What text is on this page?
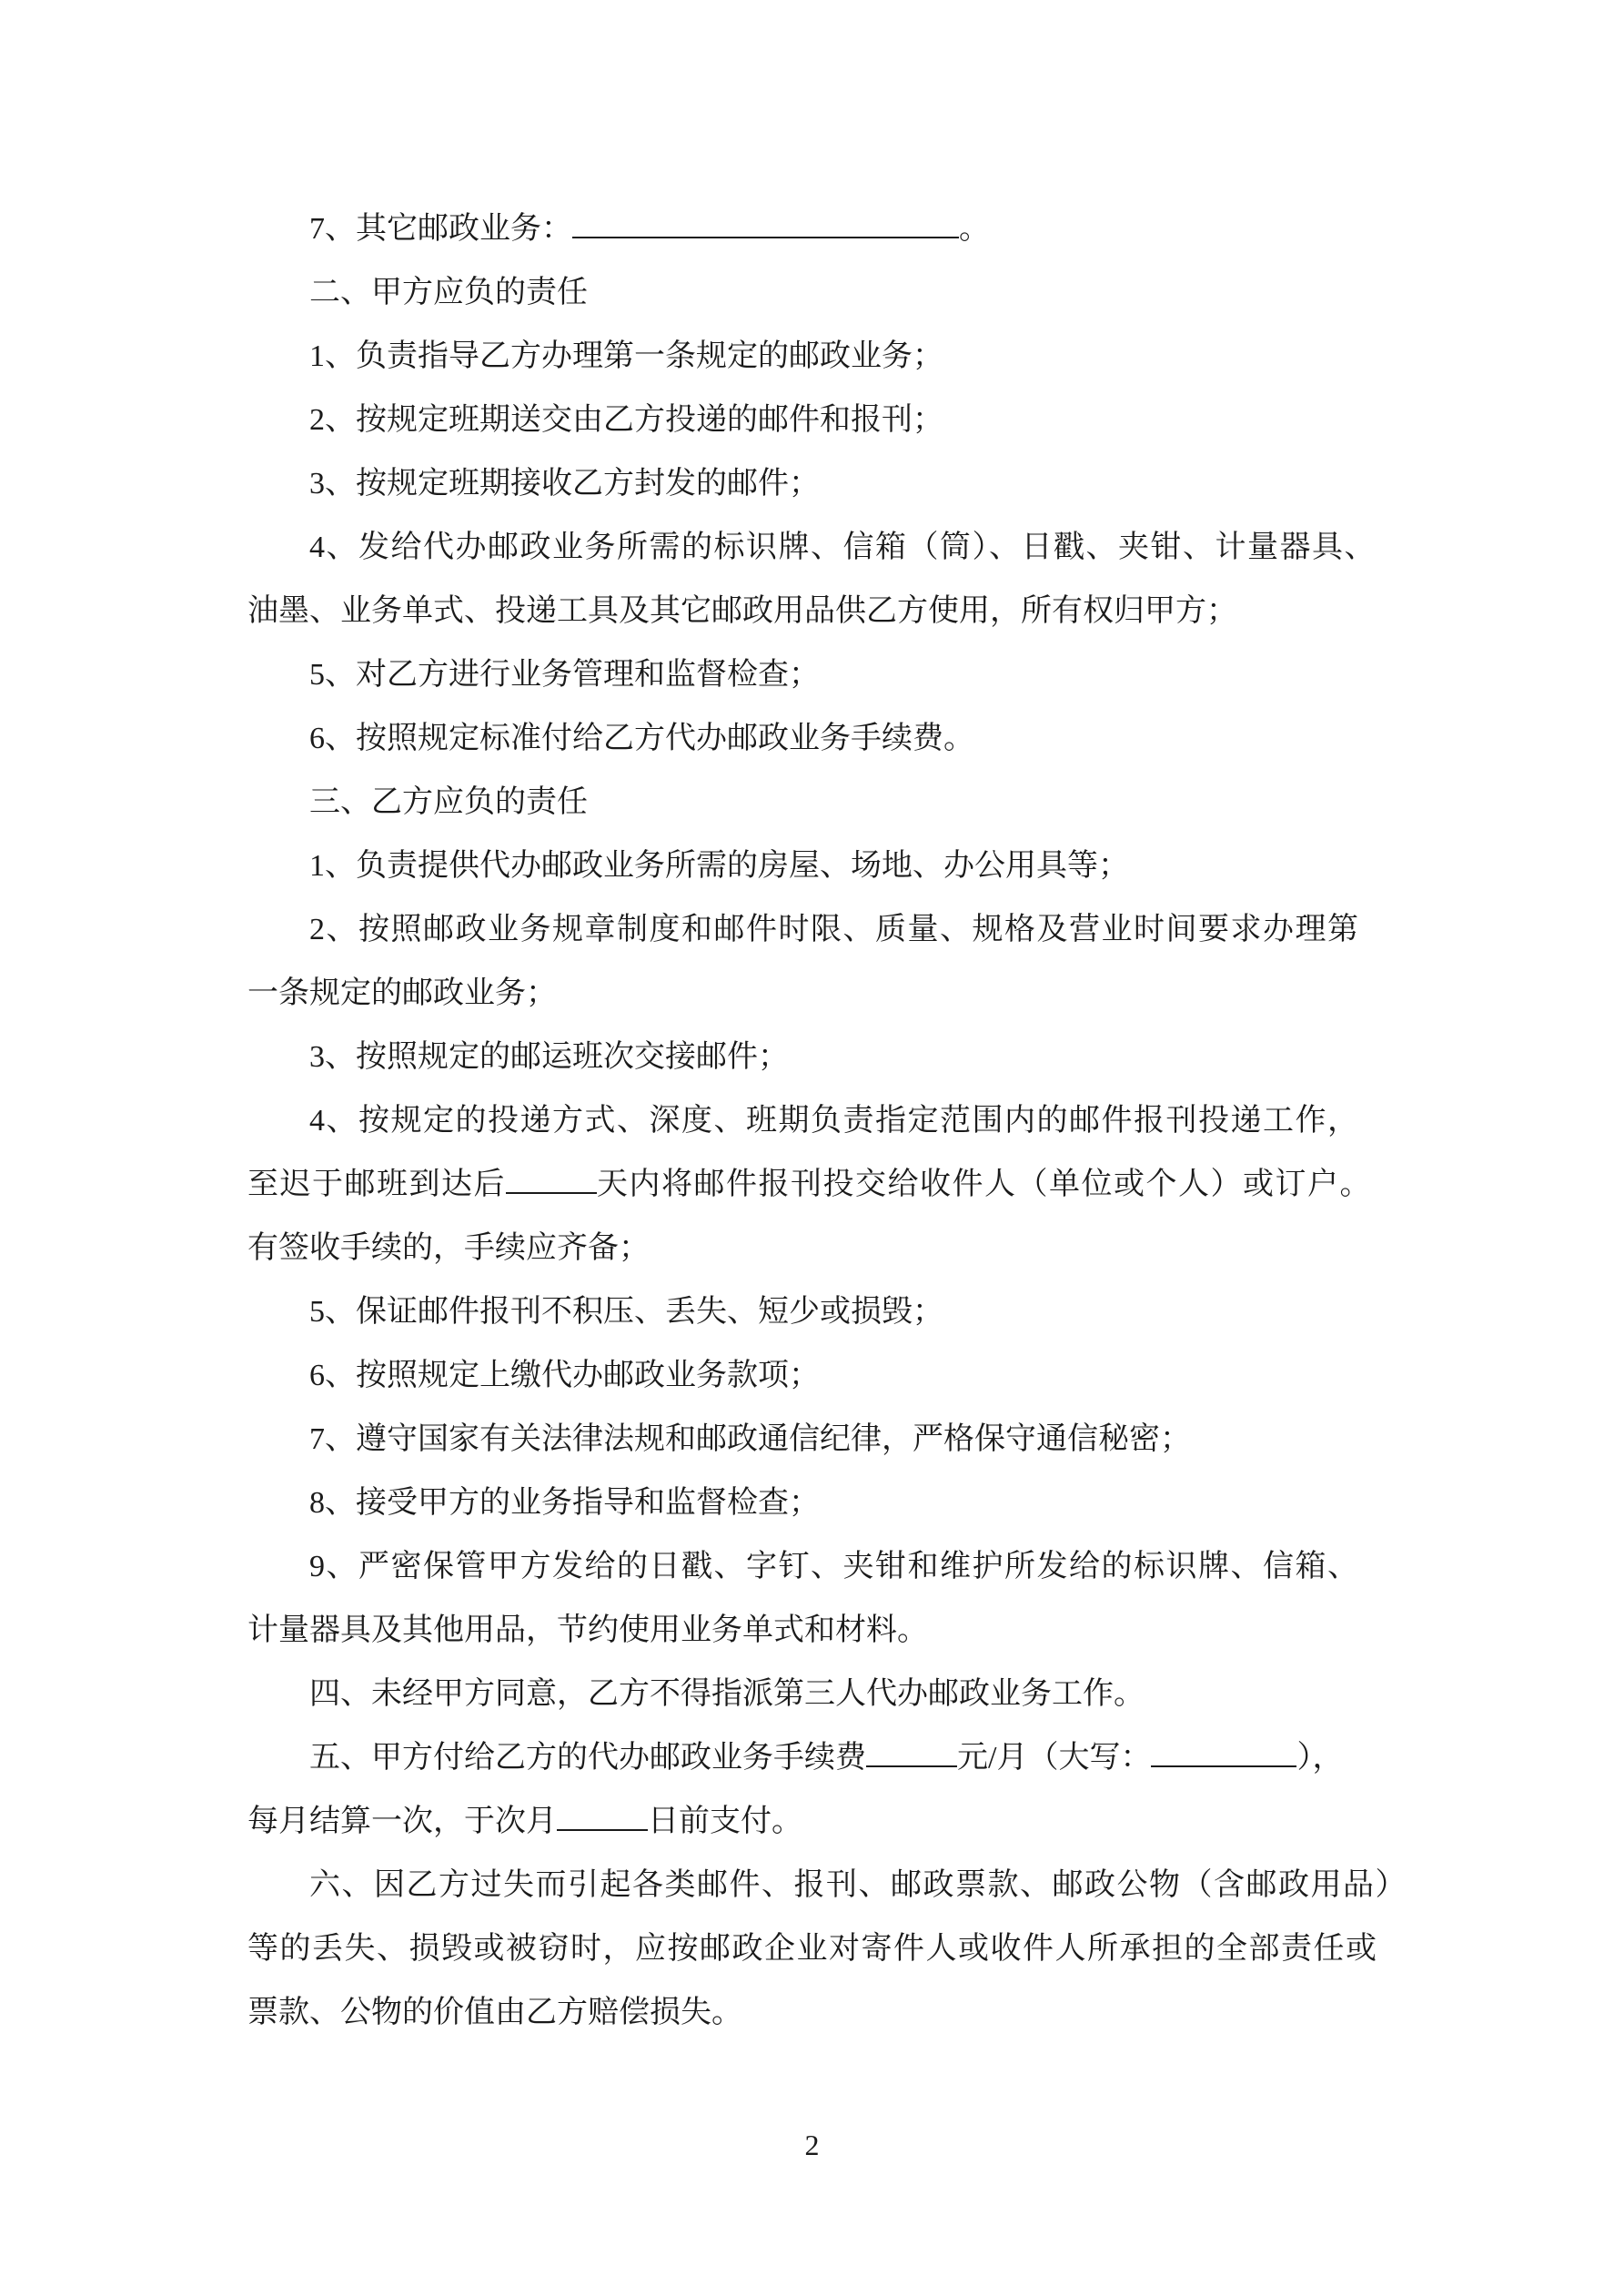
7、其它邮政业务：	。
二、甲方应负的责任
1、负责指导乙方办理第一条规定的邮政业务；
2、按规定班期送交由乙方投递的邮件和报刊；
3、按规定班期接收乙方封发的邮件；
4、发给代办邮政业务所需的标识牌、信箱（筒）、日戳、夹钳、计量器具、
油墨、业务单式、投递工具及其它邮政用品供乙方使用，所有权归甲方；
5、对乙方进行业务管理和监督检查；
6、按照规定标准付给乙方代办邮政业务手续费。
三、乙方应负的责任
1、负责提供代办邮政业务所需的房屋、场地、办公用具等；
2、按照邮政业务规章制度和邮件时限、质量、规格及营业时间要求办理第
一条规定的邮政业务；
3、按照规定的邮运班次交接邮件；
4、按规定的投递方式、深度、班期负责指定范围内的邮件报刊投递工作，
至迟于邮班到达后	天内将邮件报刊投交给收件人（单位或个人）或订户。
有签收手续的，手续应齐备；
5、保证邮件报刊不积压、丢失、短少或损毁；
6、按照规定上缴代办邮政业务款项；
7、遵守国家有关法律法规和邮政通信纪律，严格保守通信秘密；
8、接受甲方的业务指导和监督检查；
9、严密保管甲方发给的日戳、字钉、夹钳和维护所发给的标识牌、信箱、
计量器具及其他用品，节约使用业务单式和材料。
四、未经甲方同意，乙方不得指派第三人代办邮政业务工作。
五、甲方付给乙方的代办邮政业务手续费	元/月（大写：	），
每月结算一次，于次月	日前支付。
六、因乙方过失而引起各类邮件、报刊、邮政票款、邮政公物（含邮政用品）
等的丢失、损毁或被窃时，应按邮政企业对寄件人或收件人所承担的全部责任或
票款、公物的价值由乙方赔偿损失。
2
